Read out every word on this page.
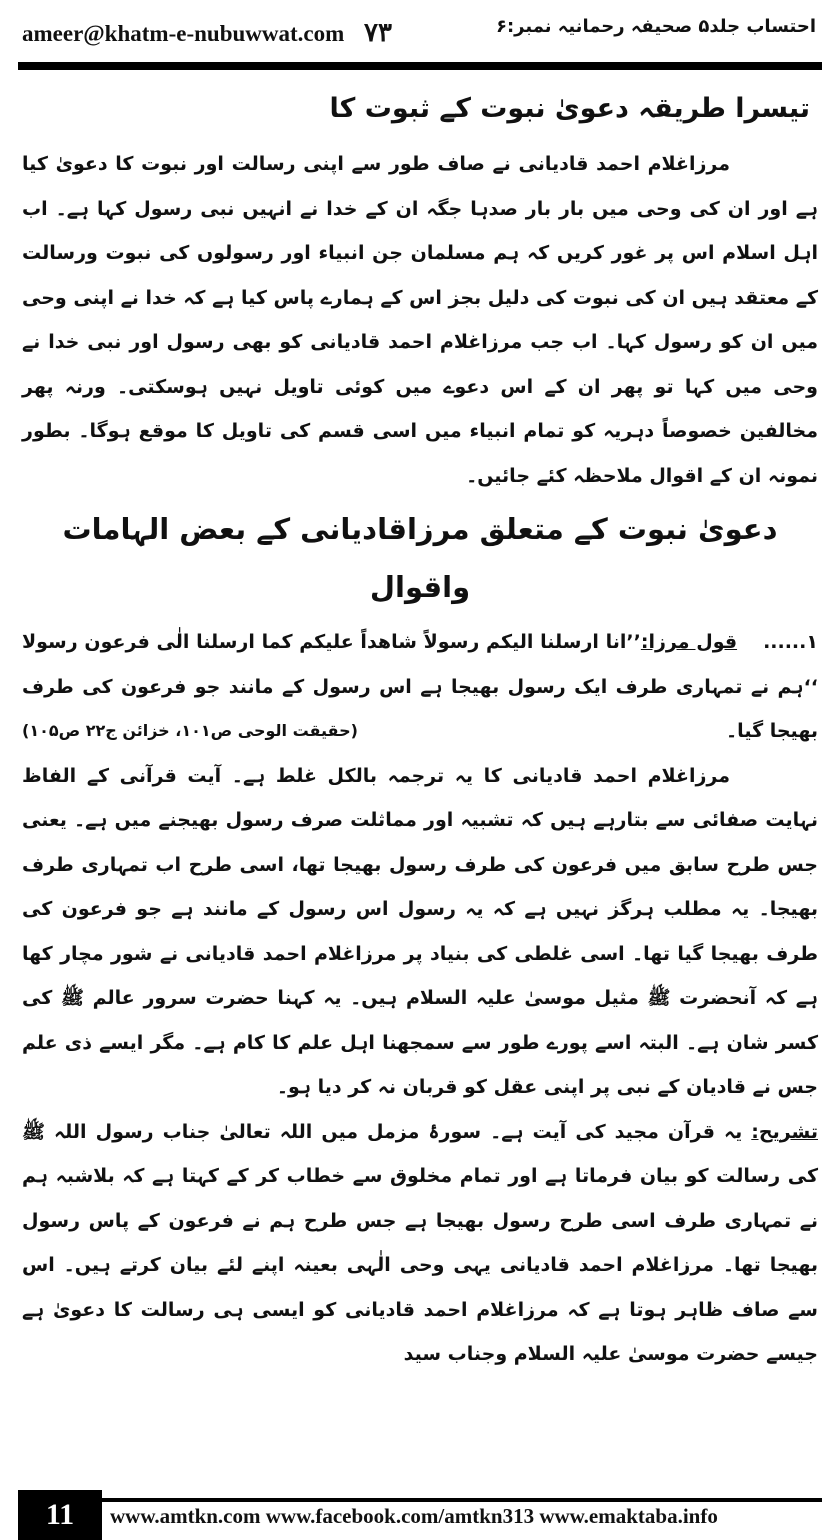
ameer@khatm-e-nubuwwat.com ۷۳	احتساب جلد۵ صحیفہ رحمانیہ نمبر:۶
تیسرا طریقہ دعویٰ نبوت کے ثبوت کا

مرزاغلام احمد قادیانی نے صاف طور سے اپنی رسالت اور نبوت کا دعویٰ کیا ہے اور ان کی وحی میں بار بار صدہا جگہ ان کے خدا نے انہیں نبی رسول کہا ہے۔ اب اہل اسلام اس پر غور کریں کہ ہم مسلمان جن انبیاء اور رسولوں کی نبوت ورسالت کے معتقد ہیں ان کی نبوت کی دلیل بجز اس کے ہمارے پاس کیا ہے کہ خدا نے اپنی وحی میں ان کو رسول کہا۔ اب جب مرزاغلام احمد قادیانی کو بھی رسول اور نبی خدا نے وحی میں کہا تو پھر ان کے اس دعوے میں کوئی تاویل نہیں ہوسکتی۔ ورنہ پھر مخالفین خصوصاً دہریہ کو تمام انبیاء میں اسی قسم کی تاویل کا موقع ہوگا۔ بطور نمونہ ان کے اقوال ملاحظہ کئے جائیں۔

دعویٰ نبوت کے متعلق مرزاقادیانی کے بعض الہامات واقوال

۱......قول مرزا:’’انا ارسلنا الیکم رسولاً شاھداً علیکم کما ارسلنا الٰی فرعون رسولا ‘‘ہم نے تمہاری طرف ایک رسول بھیجا ہے اس رسول کے مانند جو فرعون کی طرف بھیجا گیا۔
(حقیقت الوحی ص۱۰۱، خزائن ج۲۲ ص۱۰۵)

مرزاغلام احمد قادیانی کا یہ ترجمہ بالکل غلط ہے۔ آیت قرآنی کے الفاظ نہایت صفائی سے بتارہے ہیں کہ تشبیہ اور مماثلت صرف رسول بھیجنے میں ہے۔ یعنی جس طرح سابق میں فرعون کی طرف رسول بھیجا تھا، اسی طرح اب تمہاری طرف بھیجا۔ یہ مطلب ہرگز نہیں ہے کہ یہ رسول اس رسول کے مانند ہے جو فرعون کی طرف بھیجا گیا تھا۔ اسی غلطی کی بنیاد پر مرزاغلام احمد قادیانی نے شور مچار کھا ہے کہ آنحضرت ﷺ مثیل موسیٰ علیہ السلام ہیں۔ یہ کہنا حضرت سرور عالم ﷺ کی کسر شان ہے۔ البتہ اسے پورے طور سے سمجھنا اہل علم کا کام ہے۔ مگر ایسے ذی علم جس نے قادیان کے نبی پر اپنی عقل کو قربان نہ کر دیا ہو۔

تشریح: یہ قرآن مجید کی آیت ہے۔ سورۂ مزمل میں اللہ تعالیٰ جناب رسول اللہ ﷺ کی رسالت کو بیان فرماتا ہے اور تمام مخلوق سے خطاب کر کے کہتا ہے کہ بلاشبہ ہم نے تمہاری طرف اسی طرح رسول بھیجا ہے جس طرح ہم نے فرعون کے پاس رسول بھیجا تھا۔ مرزاغلام احمد قادیانی یہی وحی الٰہی بعینہ اپنے لئے بیان کرتے ہیں۔ اس سے صاف ظاہر ہوتا ہے کہ مرزاغلام احمد قادیانی کو ایسی ہی رسالت کا دعویٰ ہے جیسے حضرت موسیٰ علیہ السلام وجناب سید

11	www.amtkn.com www.facebook.com/amtkn313 www.emaktaba.info
